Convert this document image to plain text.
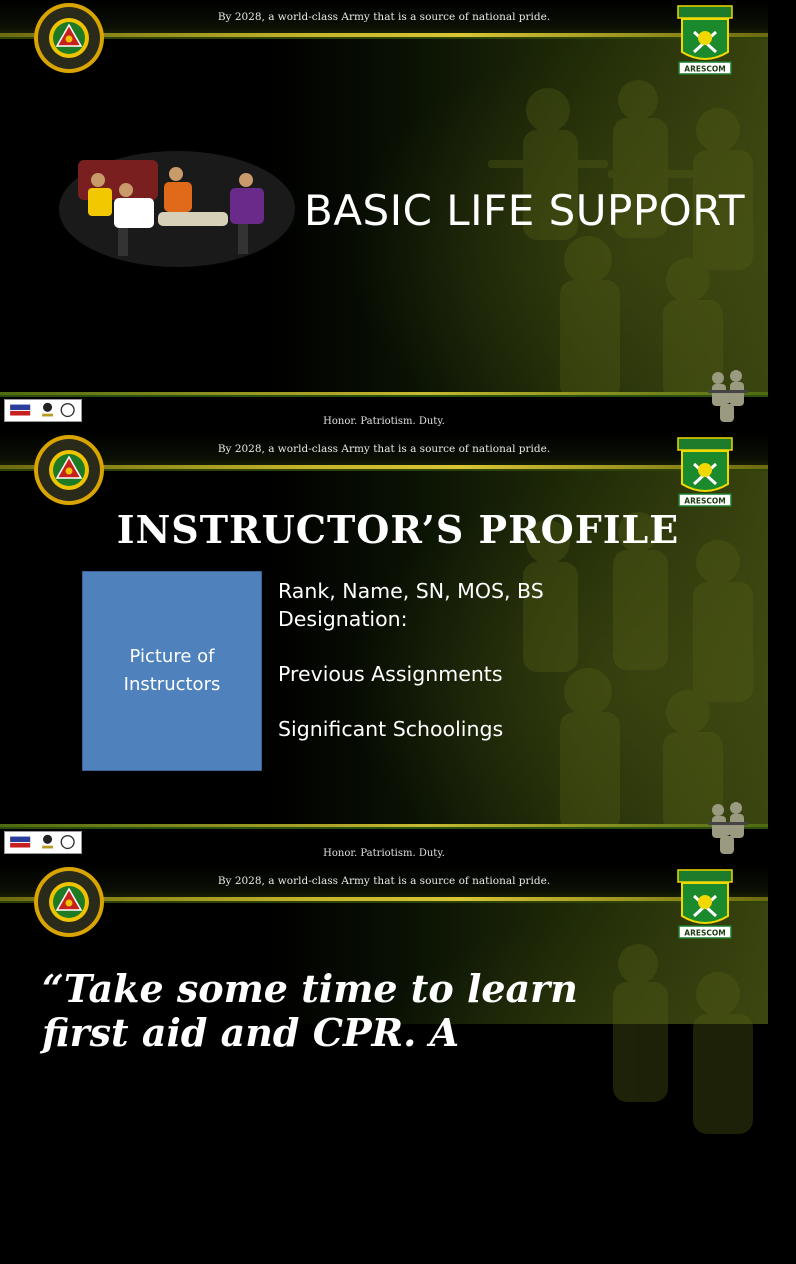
By 2028, a world-class Army that is a source of national pride.
ARESCOM
BASIC LIFE SUPPORT
Honor. Patriotism. Duty.
By 2028, a world-class Army that is a source of national pride.
ARESCOM
INSTRUCTOR’S PROFILE
Picture of Instructors
Rank, Name, SN, MOS, BS
Designation:
Previous Assignments
Significant Schoolings
Honor. Patriotism. Duty.
By 2028, a world-class Army that is a source of national pride.
ARESCOM
“Take some time to learn
first aid and CPR. A
